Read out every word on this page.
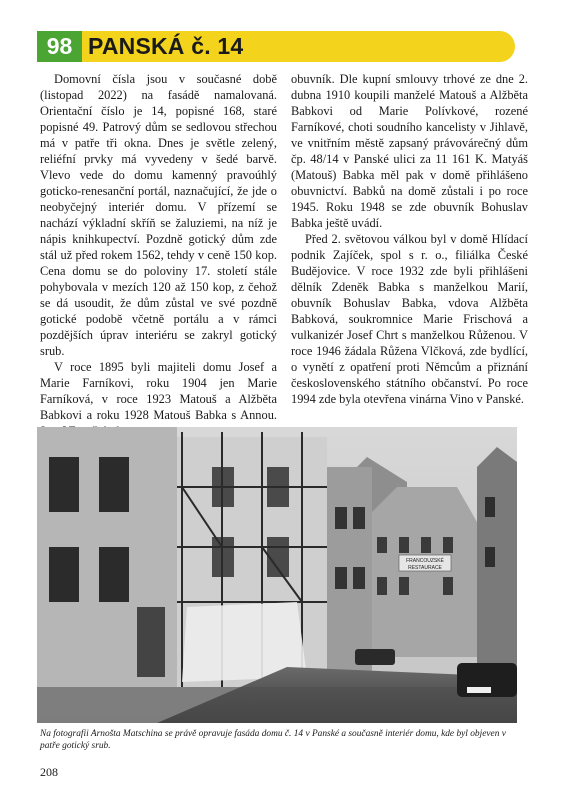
98 PANSKÁ č. 14

Domovní čísla jsou v současné době (listopad 2022) na fasádě namalovaná. Orientační číslo je 14, popisné 168, staré popisné 49. Patrový dům se sedlovou střechou má v patře tři okna. Dnes je světle zelený, reliéfní prvky má vyvedeny v šedé barvě. Vlevo vede do domu kamenný pravoúhlý goticko-renesanční portál, naznačující, že jde o neobyčejný interiér domu. V přízemí se nachází výkladní skříň se žaluziemi, na níž je nápis knihkupectví. Pozdně gotický dům zde stál už před rokem 1562, tehdy v ceně 150 kop. Cena domu se do poloviny 17. století stále pohybovala v mezích 120 až 150 kop, z čehož se dá usoudit, že dům zůstal ve své pozdně gotické podobě včetně portálu a v rámci pozdějších úprav interiéru se zakryl gotický srub.

V roce 1895 byli majiteli domu Josef a Marie Farníkovi, roku 1904 jen Marie Farníková, v roce 1923 Matouš a Alžběta Babkovi a roku 1928 Matouš Babka s Annou.

obuvník. Dle kupní smlouvy trhové ze dne 2. dubna 1910 koupili manželé Matouš a Alžběta Babkovi od Marie Polívkové, rozené Farníkové, choti soudního kancelisty v Jihlavě, ve vnitřním městě zapsaný právovárečný dům čp. 48/14 v Panské ulici za 11 161 K. Matyáš (Matouš) Babka měl pak v domě přihlášeno obuvnictví. Babků na domě zůstali i po roce 1945. Roku 1948 se zde obuvník Bohuslav Babka ještě uvádí.

Před 2. světovou válkou byl v domě Hlídací podnik Zajíček, spol s r. o., filiálka České Budějovice. V roce 1932 zde byli přihlášeni dělník Zdeněk Babka s manželkou Marií, obuvník Bohuslav Babka, vdova Alžběta Babková, soukromnice Marie Frischová a vulkanizér Josef Chrt s manželkou Růženou. V roce 1946 žádala Růžena Vlčková, zde bydlící, o vynětí z opatření proti Němcům a přiznání československého státního občanství. Po roce 1994 zde byla otevřena vinárna Vino v Panské.

FRANCOUZSKÉ
RESTAURACE
Na fotografii Arnošta Matschina se právě opravuje fasáda domu č. 14 v Panské a současně interiér domu, kde byl objeven v patře gotický srub.
208
